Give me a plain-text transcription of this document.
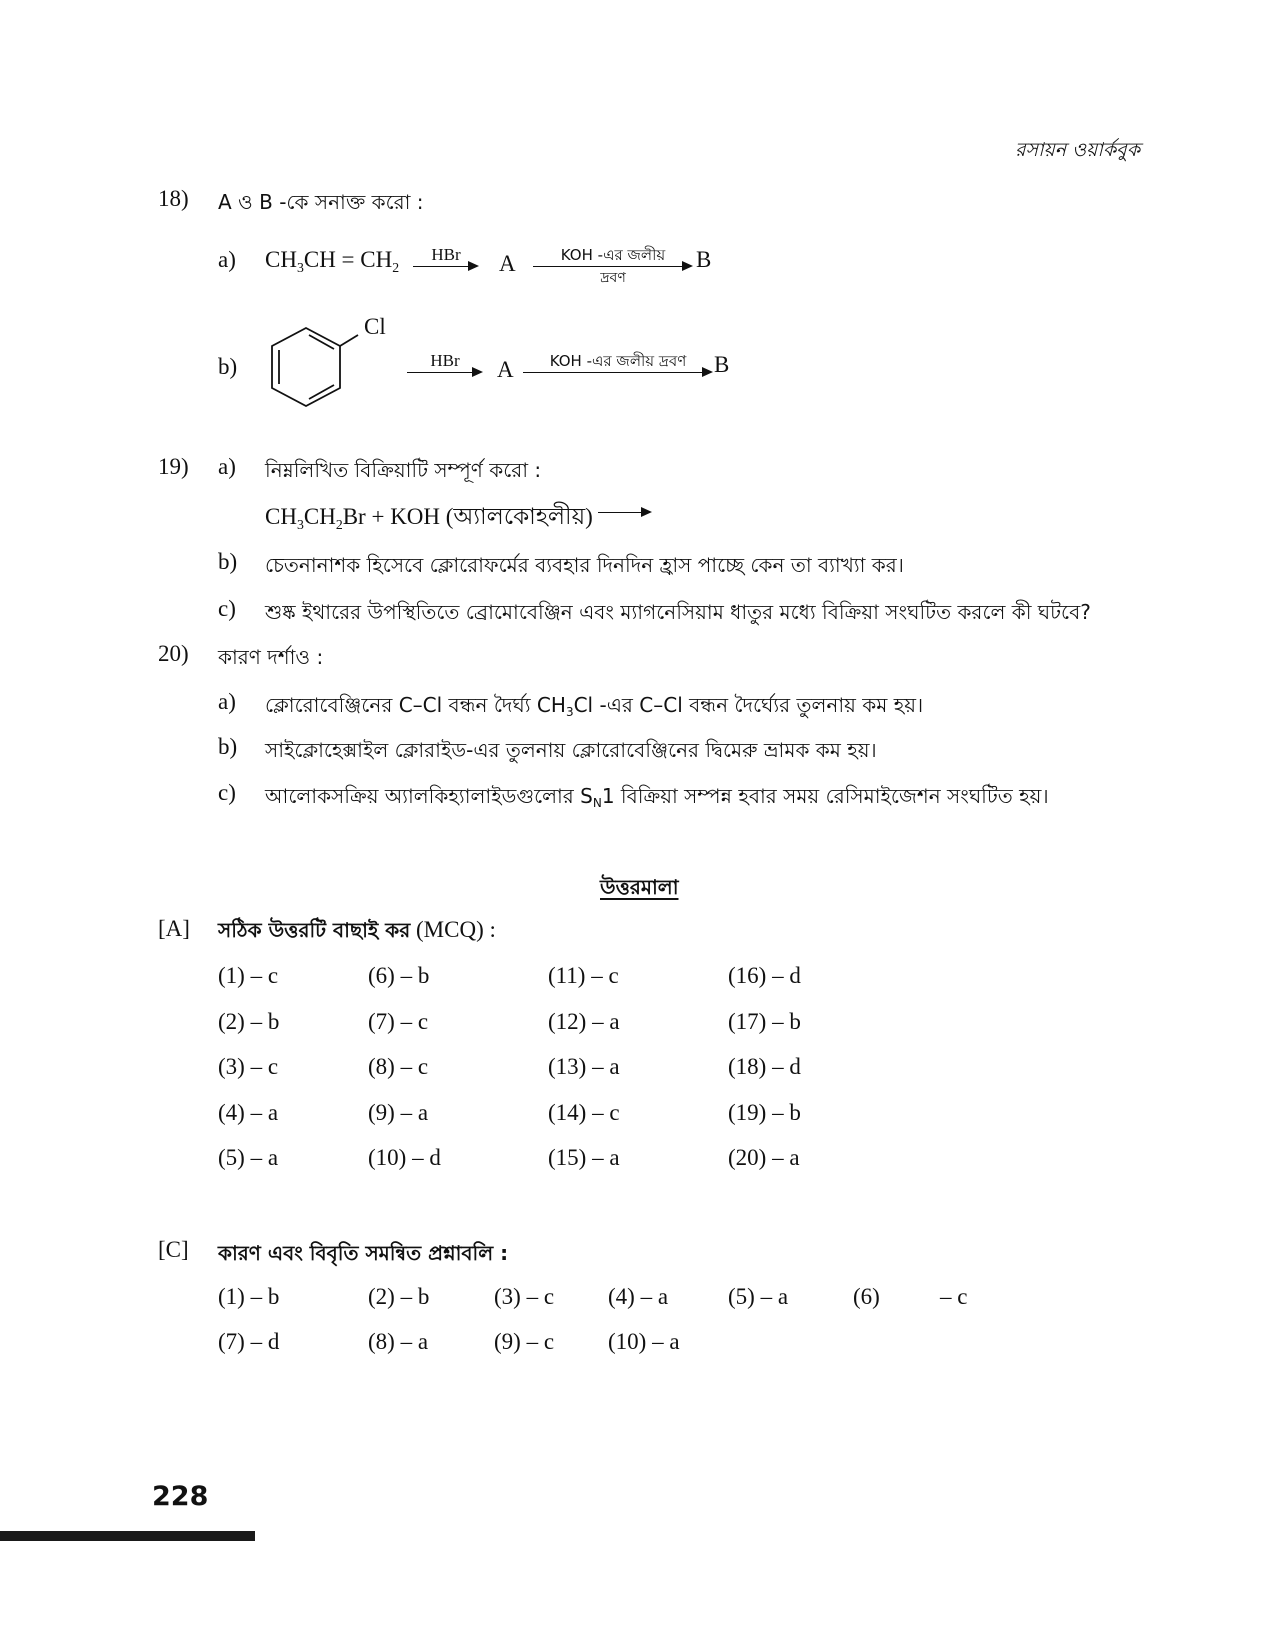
রসায়ন ওয়ার্কবুক
18) A ও B -কে সনাক্ত করো :
a) $CH_3CH = CH_2$
HBr	A	KOH -এর জলীয়
দ্রবণ
B
b)
Cl
HBr	A	KOH -এর জলীয় দ্রবণ	B
19) a) নিম্নলিখিত বিক্রিয়াটি সম্পূর্ণ করো :
$CH_3CH_2Br$ + KOH (অ্যালকোহলীয়)
b) চেতনানাশক হিসেবে ক্লোরোফর্মের ব্যবহার দিনদিন হ্রাস পাচ্ছে কেন তা ব্যাখ্যা কর।
c) শুষ্ক ইথারের উপস্থিতিতে ব্রোমোবেঞ্জিন এবং ম্যাগনেসিয়াম ধাতুর মধ্যে বিক্রিয়া সংঘটিত করলে কী ঘটবে?
20) কারণ দর্শাও :
a) ক্লোরোবেঞ্জিনের C–Cl বন্ধন দৈর্ঘ্য $CH_3Cl$ -এর C–Cl বন্ধন দৈর্ঘ্যের তুলনায় কম হয়।
b) সাইক্লোহেক্সাইল ক্লোরাইড-এর তুলনায় ক্লোরোবেঞ্জিনের দ্বিমেরু ভ্রামক কম হয়।
c) আলোকসক্রিয় অ্যালকিহ্যালাইডগুলোর $S_N1$ বিক্রিয়া সম্পন্ন হবার সময় রেসিমাইজেশন সংঘটিত হয়।
উত্তরমালা
[A] সঠিক উত্তরটি বাছাই কর (MCQ) :
(1) – c	(6) – b	(11) – c	(16) – d
(2) – b	(7) – c	(12) – a	(17) – b
(3) – c	(8) – c	(13) – a	(18) – d
(4) – a	(9) – a	(14) – c	(19) – b
(5) – a	(10) – d	(15) – a	(20) – a
[C] কারণ এবং বিবৃতি সমন্বিত প্রশ্নাবলি :
(1) – b	(2) – b	(3) – c (4) – a	(5) – a	(6)	– c
(7) – d	(8) – a	(9) – c (10) – a
228
